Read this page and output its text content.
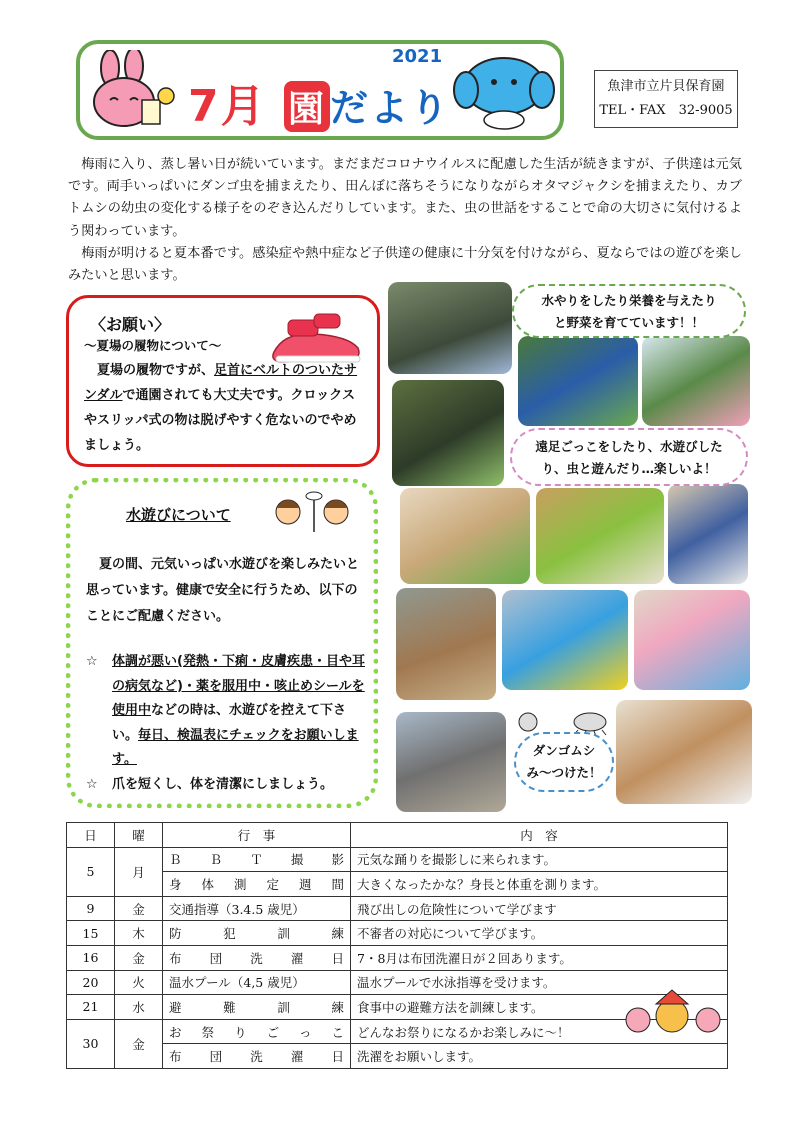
2021
7月 園 だより	魚津市立片貝保育園
TEL・FAX　32-9005

梅雨に入り、蒸し暑い日が続いています。まだまだコロナウイルスに配慮した生活が続きますが、子供達は元気です。両手いっぱいにダンゴ虫を捕まえたり、田んぼに落ちそうになりながらオタマジャクシを捕まえたり、カブトムシの幼虫の変化する様子をのぞき込んだりしています。また、虫の世話をすることで命の大切さに気付けるよう関わっています。

梅雨が明けると夏本番です。感染症や熱中症など子供達の健康に十分気を付けながら、夏ならではの遊びを楽しみたいと思います。

〈お願い〉
～夏場の履物について～
夏場の履物ですが、足首にベルトのついたサンダルで通園されても大丈夫です。クロックスやスリッパ式の物は脱げやすく危ないのでやめましょう。
水遊びについて
夏の間、元気いっぱい水遊びを楽しみたいと思っています。健康で安全に行うため、以下のことにご配慮ください。
☆ 体調が悪い(発熱・下痢・皮膚疾患・目や耳の病気など)・薬を服用中・咳止めシールを使用中などの時は、水遊びを控えて下さい。毎日、検温表にチェックをお願いします。
☆ 爪を短くし、体を清潔にしましょう。
水やりをしたり栄養を与えたり
と野菜を育てています！！
遠足ごっこをしたり、水遊びした
り、虫と遊んだり…楽しいよ！
ダンゴムシ
み～つけた！
日	曜	行　事	内　容
5	月	ＢＢＴ撮影	元気な踊りを撮影しに来られます。
		身体測定週間	大きくなったかな？身長と体重を測ります。
9	金	交通指導（3.4.5 歳児）	飛び出しの危険性について学びます
15	木	防犯訓練	不審者の対応について学びます。
16	金	布団洗濯日	7・8月は布団洗濯日が２回あります。
20	火	温水プール（4,5 歳児）	温水プールで水泳指導を受けます。
21	水	避難訓練	食事中の避難方法を訓練します。
30	金	お祭りごっこ	どんなお祭りになるかお楽しみに～！
		布団洗濯日	洗濯をお願いします。
